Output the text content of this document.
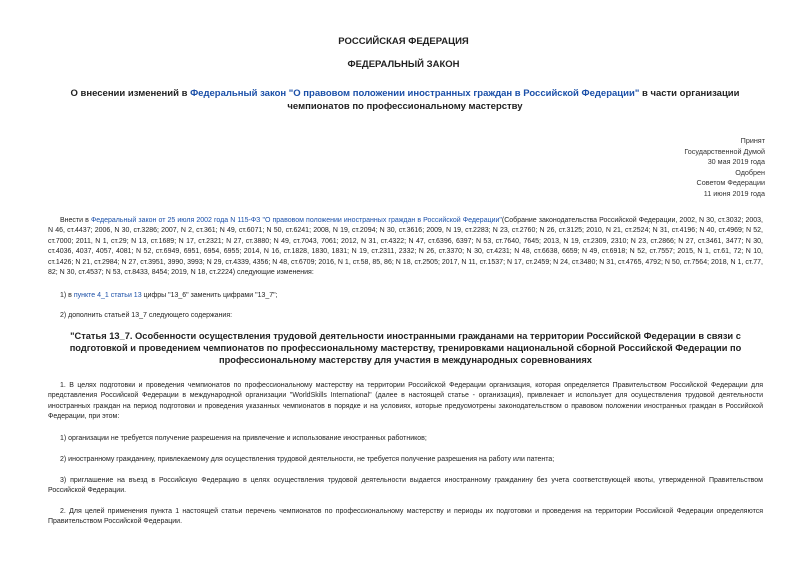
РОССИЙСКАЯ ФЕДЕРАЦИЯ
ФЕДЕРАЛЬНЫЙ ЗАКОН
О внесении изменений в Федеральный закон "О правовом положении иностранных граждан в Российской Федерации" в части организации чемпионатов по профессиональному мастерству
Принят
Государственной Думой
30 мая 2019 года
Одобрен
Советом Федерации
11 июня 2019 года
Внести в Федеральный закон от 25 июля 2002 года N 115-ФЗ "О правовом положении иностранных граждан в Российской Федерации"(Собрание законодательства Российской Федерации, 2002, N 30, ст.3032; 2003, N 46, ст.4437; 2006, N 30, ст.3286; 2007, N 2, ст.361; N 49, ст.6071; N 50, ст.6241; 2008, N 19, ст.2094; N 30, ст.3616; 2009, N 19, ст.2283; N 23, ст.2760; N 26, ст.3125; 2010, N 21, ст.2524; N 31, ст.4196; N 40, ст.4969; N 52, ст.7000; 2011, N 1, ст.29; N 13, ст.1689; N 17, ст.2321; N 27, ст.3880; N 49, ст.7043, 7061; 2012, N 31, ст.4322; N 47, ст.6396, 6397; N 53, ст.7640, 7645; 2013, N 19, ст.2309, 2310; N 23, ст.2866; N 27, ст.3461, 3477; N 30, ст.4036, 4037, 4057, 4081; N 52, ст.6949, 6951, 6954, 6955; 2014, N 16, ст.1828, 1830, 1831; N 19, ст.2311, 2332; N 26, ст.3370; N 30, ст.4231; N 48, ст.6638, 6659; N 49, ст.6918; N 52, ст.7557; 2015, N 1, ст.61, 72; N 10, ст.1426; N 21, ст.2984; N 27, ст.3951, 3990, 3993; N 29, ст.4339, 4356; N 48, ст.6709; 2016, N 1, ст.58, 85, 86; N 18, ст.2505; 2017, N 11, ст.1537; N 17, ст.2459; N 24, ст.3480; N 31, ст.4765, 4792; N 50, ст.7564; 2018, N 1, ст.77, 82; N 30, ст.4537; N 53, ст.8433, 8454; 2019, N 18, ст.2224) следующие изменения:
1) в пункте 4_1 статьи 13 цифры "13_6" заменить цифрами "13_7";
2) дополнить статьей 13_7 следующего содержания:
"Статья 13_7. Особенности осуществления трудовой деятельности иностранными гражданами на территории Российской Федерации в связи с подготовкой и проведением чемпионатов по профессиональному мастерству, тренировками национальной сборной Российской Федерации по профессиональному мастерству для участия в международных соревнованиях
1. В целях подготовки и проведения чемпионатов по профессиональному мастерству на территории Российской Федерации организация, которая определяется Правительством Российской Федерации для представления Российской Федерации в международной организации "WorldSkills International" (далее в настоящей статье - организация), привлекает и использует для осуществления трудовой деятельности иностранных граждан на период подготовки и проведения указанных чемпионатов в порядке и на условиях, которые предусмотрены законодательством о правовом положении иностранных граждан в Российской Федерации, при этом:
1) организации не требуется получение разрешения на привлечение и использование иностранных работников;
2) иностранному гражданину, привлекаемому для осуществления трудовой деятельности, не требуется получение разрешения на работу или патента;
3) приглашение на въезд в Российскую Федерацию в целях осуществления трудовой деятельности выдается иностранному гражданину без учета соответствующей квоты, утвержденной Правительством Российской Федерации.
2. Для целей применения пункта 1 настоящей статьи перечень чемпионатов по профессиональному мастерству и периоды их подготовки и проведения на территории Российской Федерации определяются Правительством Российской Федерации.
